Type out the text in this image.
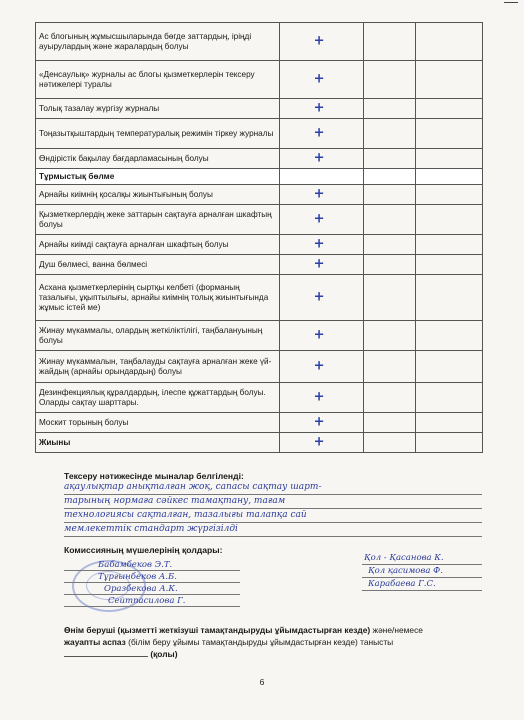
Ас блогының жұмысшыларында бөгде заттардың, іріңді ауырулардың және жаралардың болуы	+		

«Денсаулық» журналы ас блогы қызметкерлерін тексеру нәтижелері туралы	+		

Толық тазалау жүргізу журналы	+		

Тоңазытқыштардың температуралық режимін тіркеу журналы	+		

Өндірістік бақылау бағдарламасының болуы	+		

Тұрмыстық бөлме			
Арнайы киімнің қосалқы жиынтығының болуы	+		

Қызметкерлердің жеке заттарын сақтауға арналған шкафтың болуы	+		

Арнайы киімді сақтауға арналған шкафтың болуы	+		

Душ бөлмесі, ванна бөлмесі	+		

Асхана қызметкерлерінің сыртқы келбеті (форманың тазалығы, ұқыптылығы, арнайы киімнің толық жиынтығында жұмыс істей ме)	+		

Жинау мүкаммалы, олардың жеткіліктілігі, таңбалануының болуы	+		

Жинау мүкаммалын, таңбалауды сақтауға арналған жеке үй-жайдың (арнайы орындардың) болуы	+		

Дезинфекциялық құралдардың, ілеспе құжаттардың болуы. Оларды сақтау шарттары.	+		

Москит торының болуы	+		

Жиыны	+		

Тексеру нәтижесінде мыналар белгіленді:
ақаулықтар анықталған жоқ, сапасы сақтау шарт-
тарының нормаға сәйкес тамақтану, тағам
технологиясы сақталған, тазалығы талапқа сай
мемлекеттік стандарт жүргізілді
Комиссияның мүшелерінің қолдары:
Бабамбеков Э.Т.
Тұрғынбеков А.Б.
Оразбекова А.К.
Сейтпасилова Г.
Қол - Қасанова К.
Қол қасимова Ф.
Карабаева Г.С.
Өнім беруші (қызметті жеткізуші тамақтандыруды ұйымдастырған кезде) және/немесе
жауапты аспаз (білім беру ұйымы тамақтандыруды ұйымдастырған кезде) танысты
(қолы)
6
